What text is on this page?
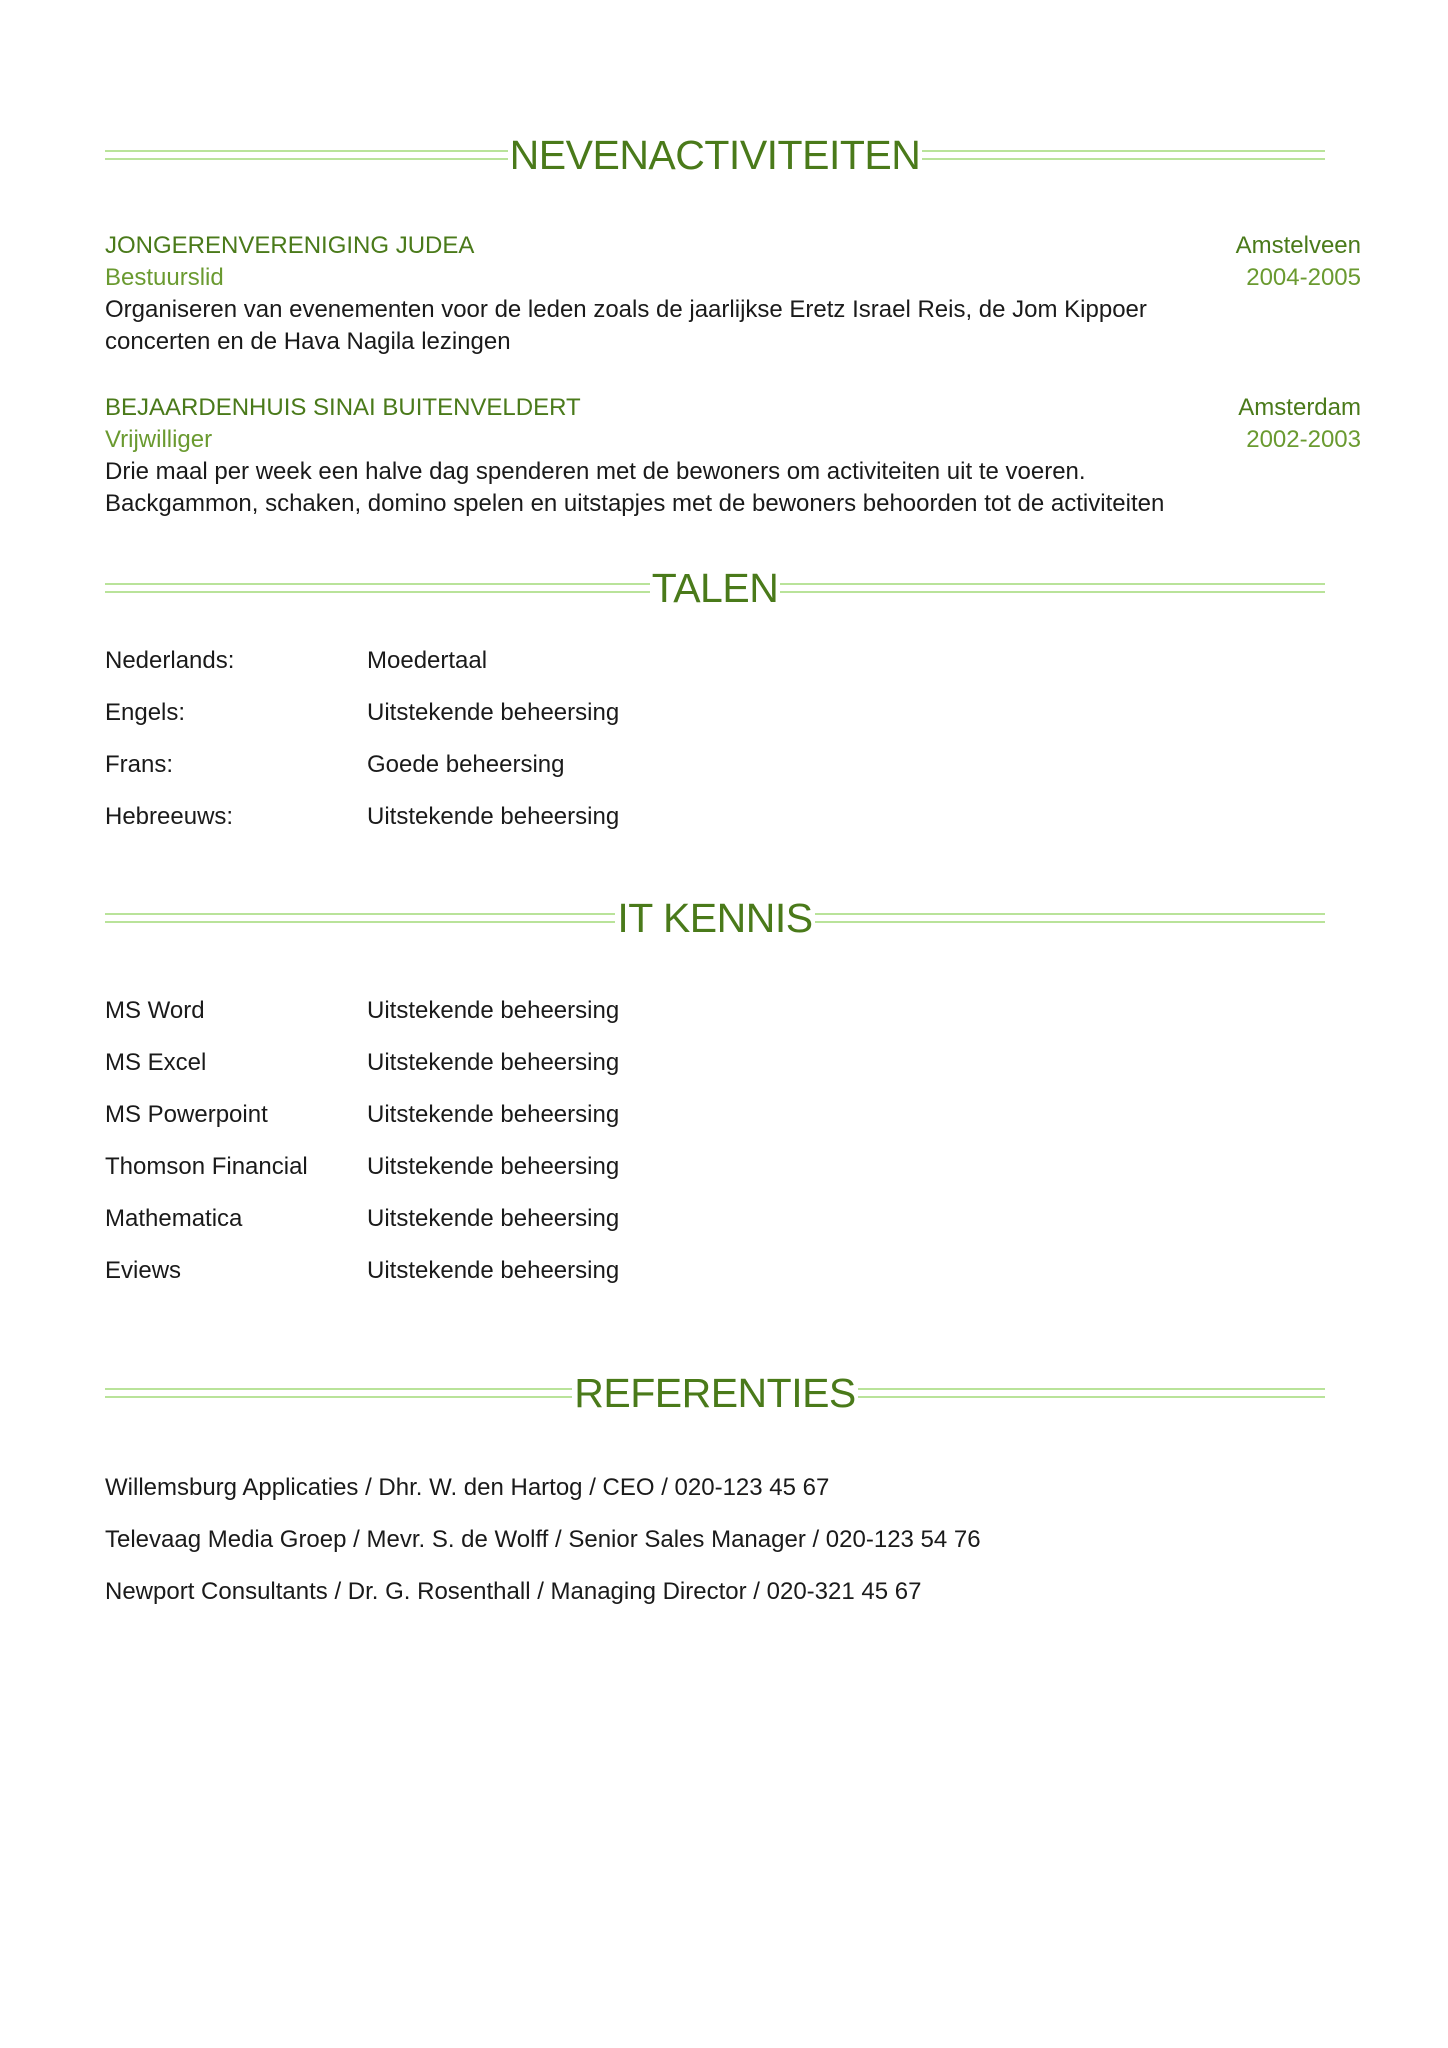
NEVENACTIVITEITEN
JONGERENVERENIGING JUDEA	Amstelveen
Bestuurslid	2004-2005

Organiseren van evenementen voor de leden zoals de jaarlijkse Eretz Israel Reis, de Jom Kippoer

concerten en de Hava Nagila lezingen

BEJAARDENHUIS SINAI BUITENVELDERT	Amsterdam
Vrijwilliger	2002-2003

Drie maal per week een halve dag spenderen met de bewoners om activiteiten uit te voeren.

Backgammon, schaken, domino spelen en uitstapjes met de bewoners behoorden tot de activiteiten

TALEN
Nederlands:	Moedertaal
Engels:	Uitstekende beheersing
Frans:	Goede beheersing
Hebreeuws:	Uitstekende beheersing
IT KENNIS
MS Word	Uitstekende beheersing
MS Excel	Uitstekende beheersing
MS Powerpoint	Uitstekende beheersing
Thomson Financial	Uitstekende beheersing
Mathematica	Uitstekende beheersing
Eviews	Uitstekende beheersing
REFERENTIES
Willemsburg Applicaties / Dhr. W. den Hartog / CEO / 020-123 45 67
Televaag Media Groep / Mevr. S. de Wolff / Senior Sales Manager / 020-123 54 76
Newport Consultants / Dr. G. Rosenthall / Managing Director / 020-321 45 67
